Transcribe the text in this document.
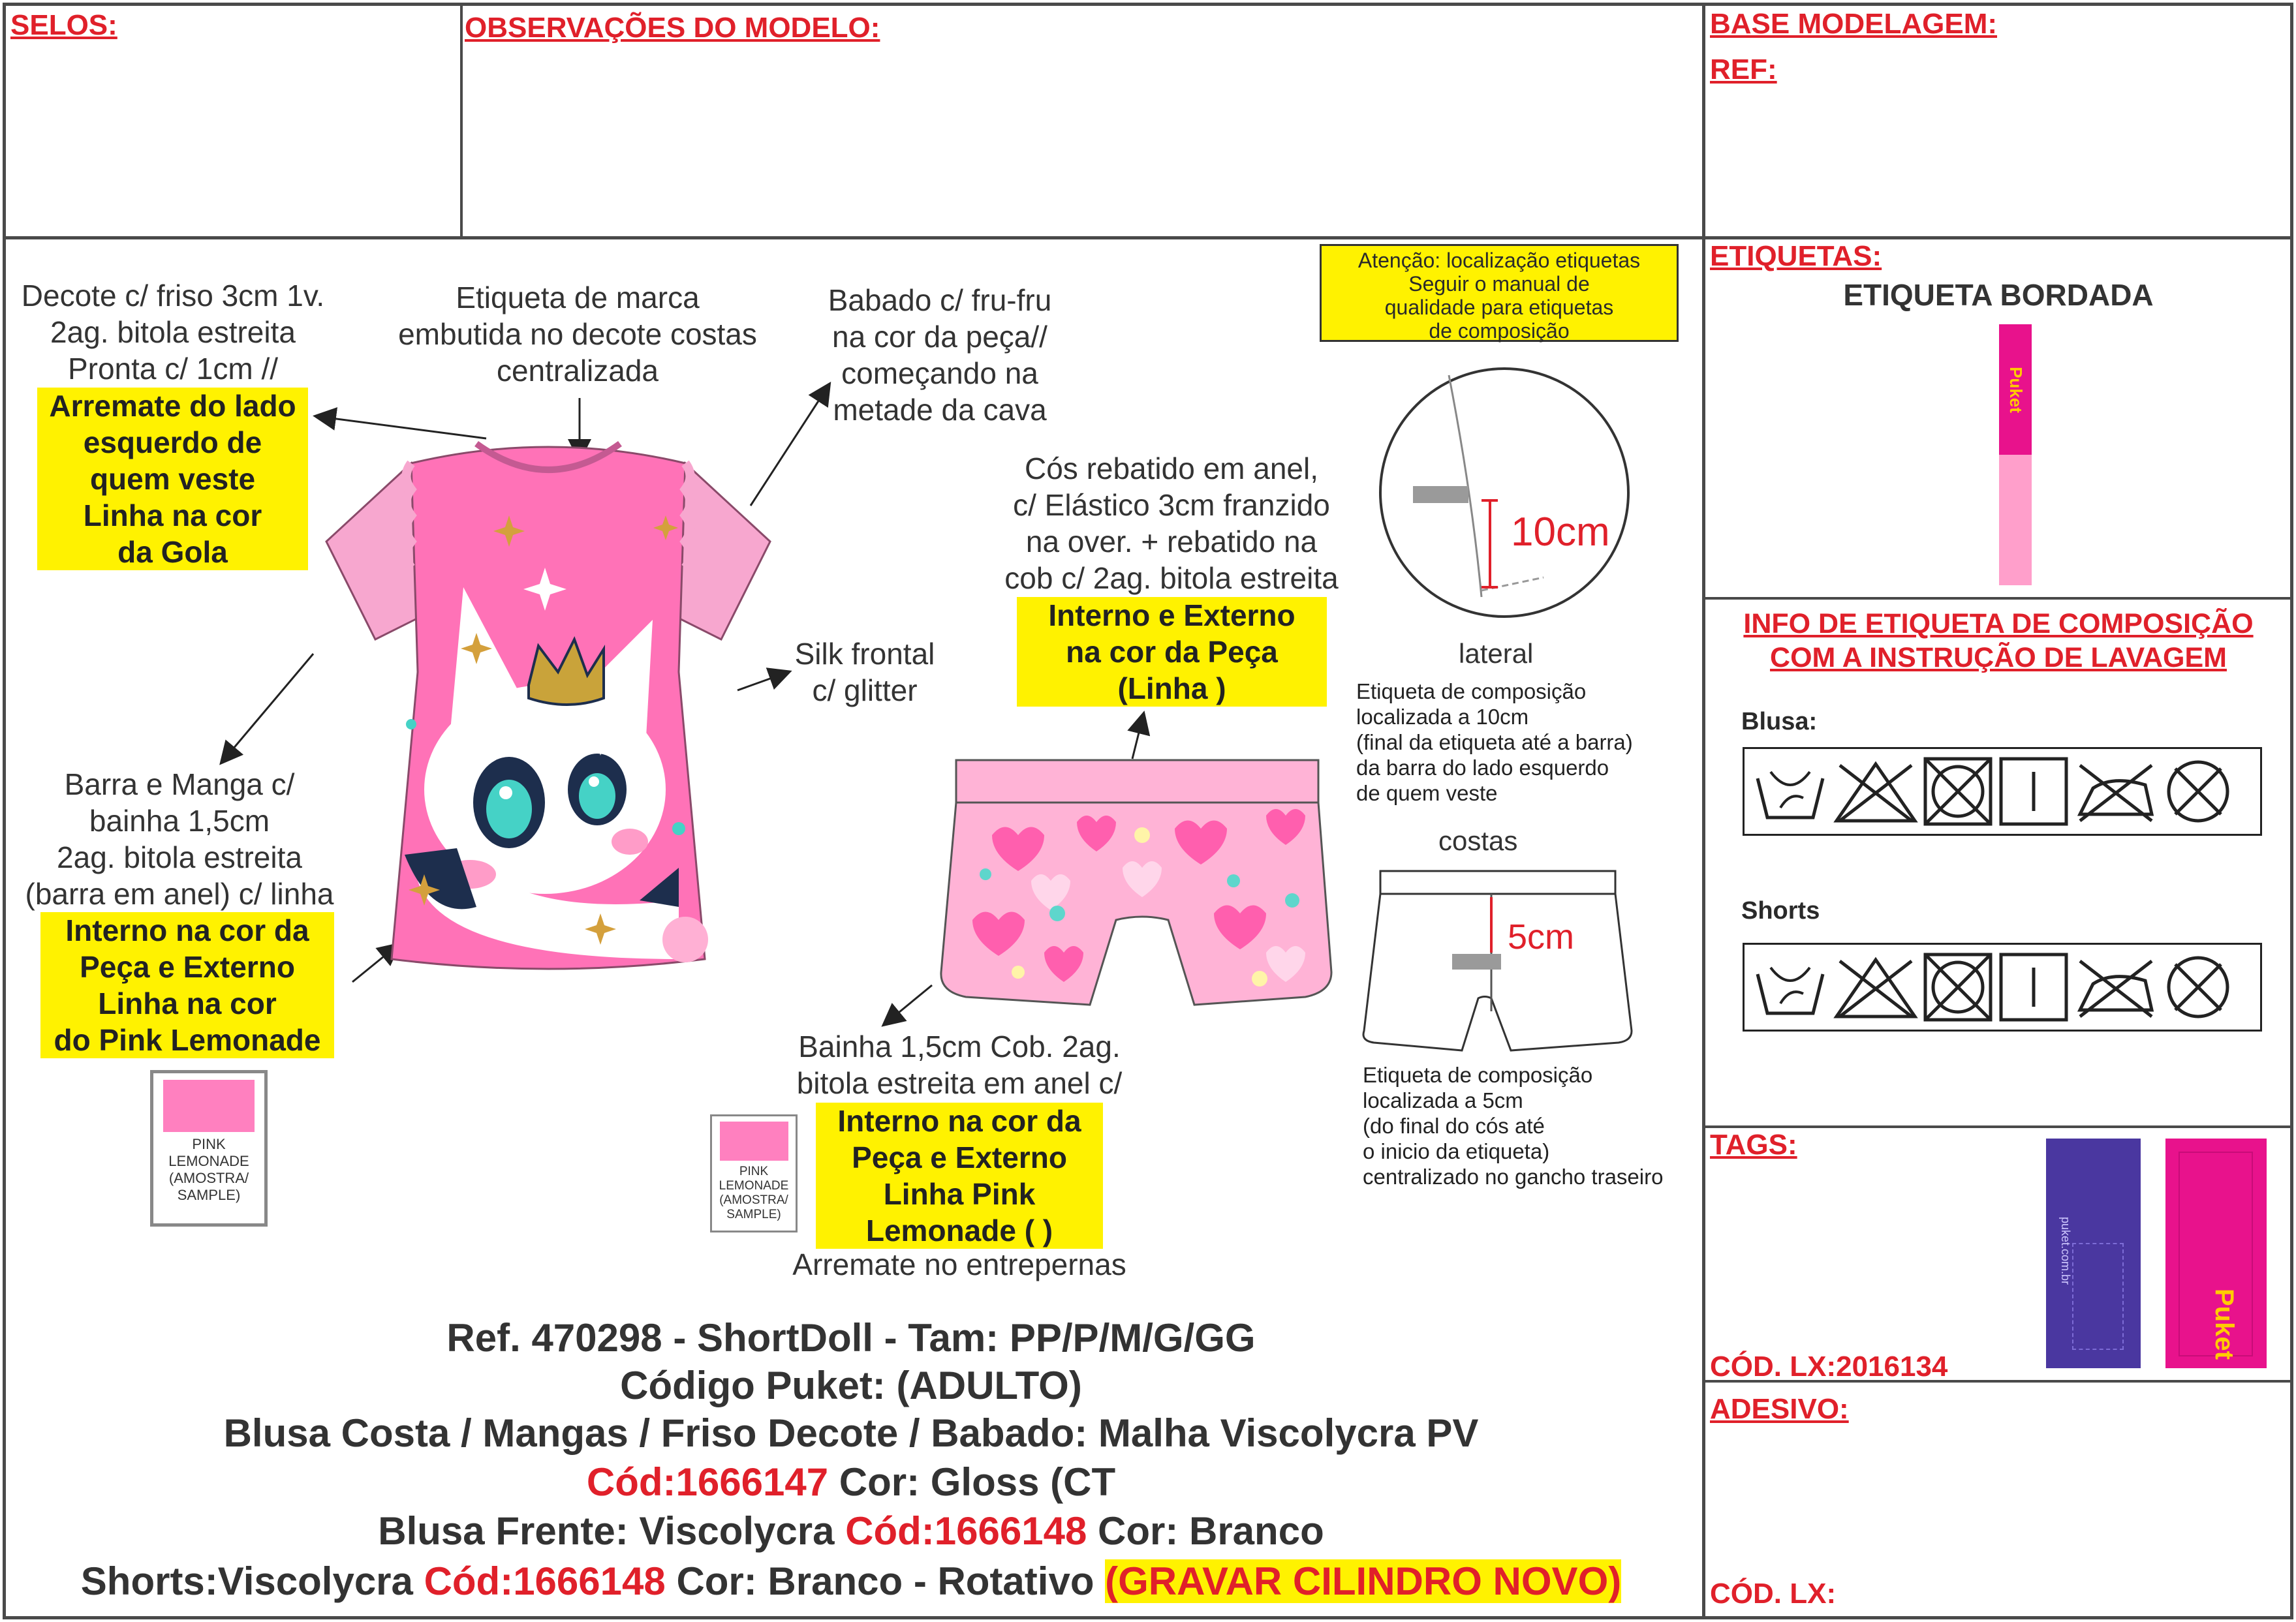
SELOS:	OBSERVAÇÕES DO MODELO:	BASE MODELAGEM:
REF:
10cm
5cm
Decote c/ friso 3cm 1v.
2ag. bitola estreita
Pronta c/ 1cm //
Arremate do lado
esquerdo de
quem veste
Linha na cor
da Gola
Etiqueta de marca
embutida no decote costas
centralizada
Babado c/ fru-fru
na cor da peça//
começando na
metade da cava
Silk frontal
c/ glitter
Cós rebatido em anel,
c/ Elástico 3cm franzido
na over. + rebatido na
cob c/ 2ag. bitola estreita
Interno e Externo
na cor da Peça
(Linha )
Barra e Manga c/
bainha 1,5cm
2ag. bitola estreita
(barra em anel) c/ linha
Interno na cor da
Peça e Externo
Linha na cor
do Pink Lemonade	Bainha 1,5cm Cob. 2ag.
bitola estreita em anel c/
Interno na cor da
Peça e Externo
Linha Pink
Lemonade ( )
Arremate no entrepernas
Atenção: localização etiquetas
Seguir o manual de
qualidade para etiquetas
de composição
lateral
Etiqueta de composição
localizada a 10cm
(final da etiqueta até a barra)
da barra do lado esquerdo
de quem veste
costas
Etiqueta de composição
localizada a 5cm
(do final do cós até
o inicio da etiqueta)
centralizado no gancho traseiro
PINK
LEMONADE
(AMOSTRA/
SAMPLE)
PINK
LEMONADE
(AMOSTRA/
SAMPLE)
Ref. 470298 - ShortDoll - Tam: PP/P/M/G/GG
Código Puket: (ADULTO)
Blusa Costa / Mangas / Friso Decote / Babado: Malha Viscolycra PV
Cód:1666147 Cor: Gloss (CT
Blusa Frente: Viscolycra Cód:1666148 Cor: Branco
Shorts:Viscolycra Cód:1666148 Cor: Branco - Rotativo (GRAVAR CILINDRO NOVO)
ETIQUETAS:
ETIQUETA BORDADA
Puket
INFO DE ETIQUETA DE COMPOSIÇÃO
COM A INSTRUÇÃO DE LAVAGEM
Blusa:
Shorts
TAGS:
puket.com.br
Puket
CÓD. LX:2016134
ADESIVO:
CÓD. LX:
